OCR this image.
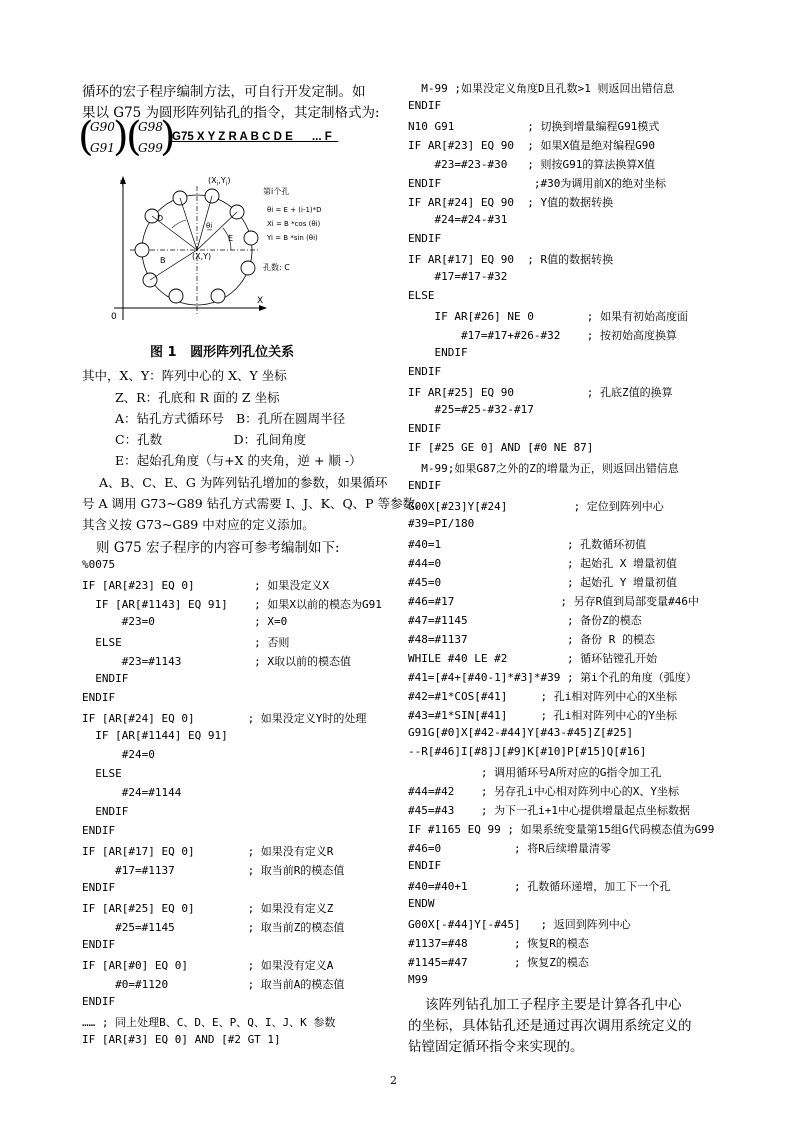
循环的宏子程序编制方法，可自行开发定制。如
果以 G75 为圆形阵列钻孔的指令，其定制格式为:
(
G90
G91
)
(
G98
G99
)
G75 X Y Z R A B C D E _   ... F_
Y
X
0
$(X_i,Y_i)$
(X,Y)
第i个孔
θi = E + (i-1)*D
Xi = B *cos (θi)
Yi = B *sin (θi)
孔数: C
D
E
B
θi
图 1   圆形阵列孔位关系
其中，X、Y：阵列中心的 X、Y 坐标
Z、R：孔底和 R 面的 Z 坐标
A：钻孔方式循环号   B：孔所在圆周半径
C：孔数                  D：孔间角度
E：起始孔角度（与+X 的夹角，逆 + 顺 -）
A、B、C、E、G 为阵列钻孔增加的参数，如果循环
号 A 调用 G73~G89 钻孔方式需要 I、J、K、Q、P 等参数,
其含义按 G73~G89 中对应的定义添加。
则 G75 宏子程序的内容可参考编制如下:
%0075
IF [AR[#23] EQ 0]         ; 如果没定义X
IF [AR[#1143] EQ 91]    ; 如果X以前的模态为G91
#23=0               ; X=0
ELSE                    ; 否则
#23=#1143           ; X取以前的模态值
ENDIF
ENDIF
IF [AR[#24] EQ 0]        ; 如果没定义Y时的处理
IF [AR[#1144] EQ 91]
#24=0
ELSE
#24=#1144
ENDIF
ENDIF
IF [AR[#17] EQ 0]        ; 如果没有定义R
#17=#1137           ; 取当前R的模态值
ENDIF
IF [AR[#25] EQ 0]        ; 如果没有定义Z
#25=#1145           ; 取当前Z的模态值
ENDIF
IF [AR[#0] EQ 0]         ; 如果没有定义A
#0=#1120            ; 取当前A的模态值
ENDIF
…… ; 同上处理B、C、D、E、P、Q、I、J、K 参数
IF [AR[#3] EQ 0] AND [#2 GT 1]
M-99 ;如果没定义角度D且孔数>1 则返回出错信息
ENDIF
N10 G91           ; 切换到增量编程G91模式
IF AR[#23] EQ 90  ; 如果X值是绝对编程G90
#23=#23-#30   ; 则按G91的算法换算X值
ENDIF              ;#30为调用前X的绝对坐标
IF AR[#24] EQ 90  ; Y值的数据转换
#24=#24-#31
ENDIF
IF AR[#17] EQ 90  ; R值的数据转换
#17=#17-#32
ELSE
IF AR[#26] NE 0        ; 如果有初始高度面
#17=#17+#26-#32    ; 按初始高度换算
ENDIF
ENDIF
IF AR[#25] EQ 90           ; 孔底Z值的换算
#25=#25-#32-#17
ENDIF
IF [#25 GE 0] AND [#0 NE 87]
M-99;如果G87之外的Z的增量为正，则返回出错信息
ENDIF
G00X[#23]Y[#24]          ; 定位到阵列中心
#39=PI/180
#40=1                   ; 孔数循环初值
#44=0                   ; 起始孔 X 增量初值
#45=0                   ; 起始孔 Y 增量初值
#46=#17                ; 另存R值到局部变量#46中
#47=#1145               ; 备份Z的模态
#48=#1137               ; 备份 R 的模态
WHILE #40 LE #2         ; 循环钻镗孔开始
#41=[#4+[#40-1]*#3]*#39 ; 第i个孔的角度（弧度）
#42=#1*COS[#41]     ; 孔i相对阵列中心的X坐标
#43=#1*SIN[#41]     ; 孔i相对阵列中心的Y坐标
G91G[#0]X[#42-#44]Y[#43-#45]Z[#25]
--R[#46]I[#8]J[#9]K[#10]P[#15]Q[#16]
; 调用循环号A所对应的G指令加工孔
#44=#42    ; 另存孔i中心相对阵列中心的X、Y坐标
#45=#43    ; 为下一孔i+1中心提供增量起点坐标数据
IF #1165 EQ 99 ; 如果系统变量第15组G代码模态值为G99
#46=0           ; 将R后续增量清零
ENDIF
#40=#40+1       ; 孔数循环递增，加工下一个孔
ENDW
G00X[-#44]Y[-#45]   ; 返回到阵列中心
#1137=#48       ; 恢复R的模态
#1145=#47       ; 恢复Z的模态
M99
该阵列钻孔加工子程序主要是计算各孔中心
的坐标，具体钻孔还是通过再次调用系统定义的
钻镗固定循环指令来实现的。
2
